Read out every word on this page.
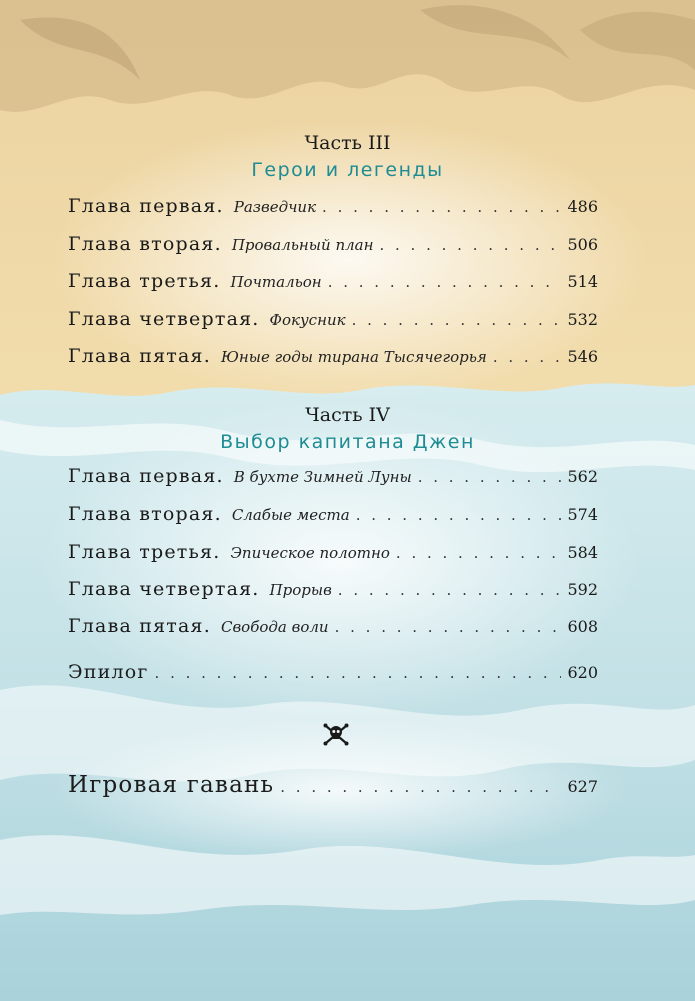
Часть III
Герои и легенды
Глава первая. Разведчик . . .	486
Глава вторая. Провальный план . . .	506
Глава третья. Почтальон . . .	514
Глава четвертая. Фокусник . . .	532
Глава пятая. Юные годы тирана Тысячегорья . . .	546
Часть IV
Выбор капитана Джен
Глава первая. В бухте Зимней Луны . . .	562
Глава вторая. Слабые места . . .	574
Глава третья. Эпическое полотно . . .	584
Глава четвертая. Прорыв . . .	592
Глава пятая. Свобода воли . . .	608
Эпилог . . .	620
Игровая гавань . . .	627
